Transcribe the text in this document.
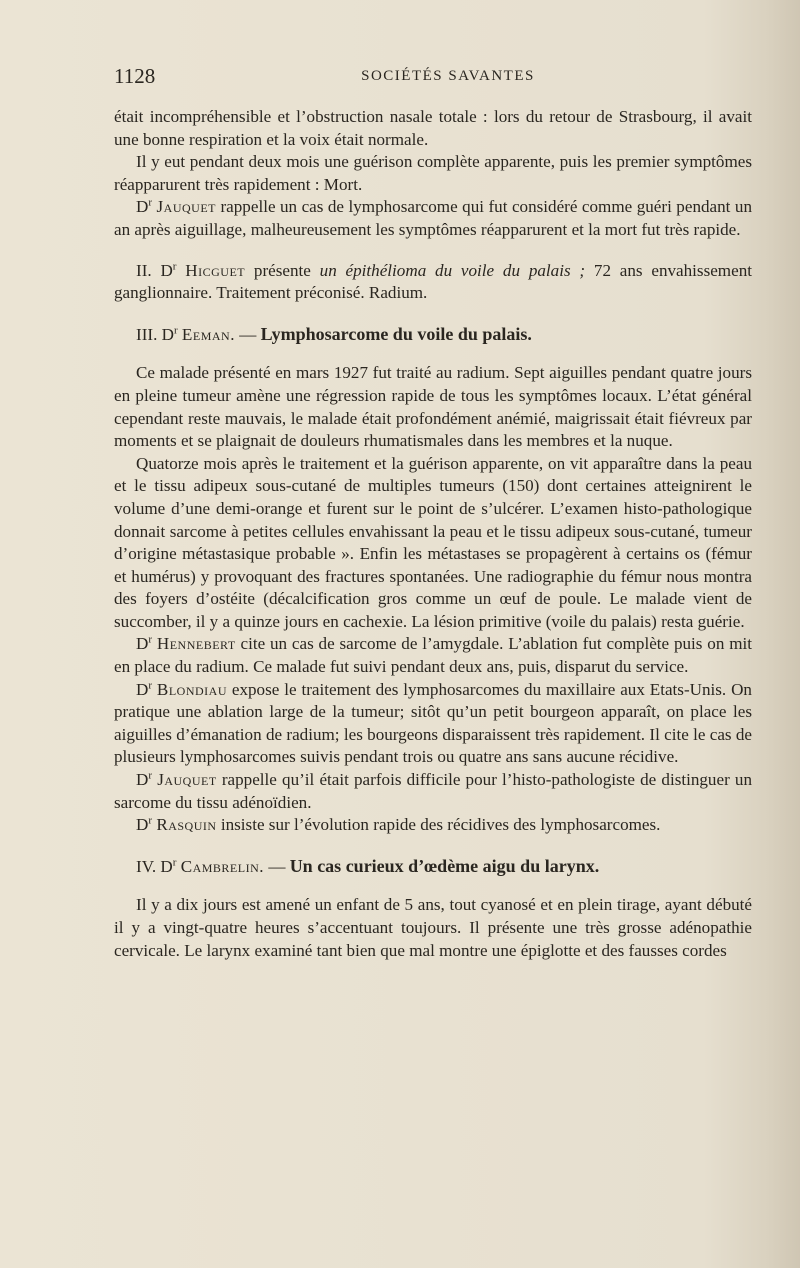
1128	SOCIÉTÉS SAVANTES

était incompréhensible et l’obstruction nasale totale : lors du retour de Strasbourg, il avait une bonne respiration et la voix était normale.

Il y eut pendant deux mois une guérison complète apparente, puis les premier symptômes réapparurent très rapidement : Mort.

$D^r$ Jauquet rappelle un cas de lymphosarcome qui fut considéré comme guéri pendant un an après aiguillage, malheureusement les symptômes réapparurent et la mort fut très rapide.

II. $D^r$ Hicguet présente un épithélioma du voile du palais ; 72 ans envahissement ganglionnaire. Traitement préconisé. Radium.

III. $D^r$ Eeman. — Lymphosarcome du voile du palais.

Ce malade présenté en mars 1927 fut traité au radium. Sept aiguilles pendant quatre jours en pleine tumeur amène une régression rapide de tous les symptômes locaux. L’état général cependant reste mauvais, le malade était profondément anémié, maigrissait était fiévreux par moments et se plaignait de douleurs rhumatismales dans les membres et la nuque.

Quatorze mois après le traitement et la guérison apparente, on vit apparaître dans la peau et le tissu adipeux sous-cutané de multiples tumeurs (150) dont certaines atteignirent le volume d’une demi-orange et furent sur le point de s’ulcérer. L’examen histo-pathologique donnait sarcome à petites cellules envahissant la peau et le tissu adipeux sous-cutané, tumeur d’origine métastasique probable ». Enfin les métastases se propagèrent à certains os (fémur et humérus) y provoquant des fractures spontanées. Une radiographie du fémur nous montra des foyers d’ostéite (décalcification gros comme un œuf de poule. Le malade vient de succomber, il y a quinze jours en cachexie. La lésion primitive (voile du palais) resta guérie.

$D^r$ Hennebert cite un cas de sarcome de l’amygdale. L’ablation fut complète puis on mit en place du radium. Ce malade fut suivi pendant deux ans, puis, disparut du service.

$D^r$ Blondiau expose le traitement des lymphosarcomes du maxillaire aux Etats-Unis. On pratique une ablation large de la tumeur; sitôt qu’un petit bourgeon apparaît, on place les aiguilles d’émanation de radium; les bourgeons disparaissent très rapidement. Il cite le cas de plusieurs lymphosarcomes suivis pendant trois ou quatre ans sans aucune récidive.

$D^r$ Jauquet rappelle qu’il était parfois difficile pour l’histo-pathologiste de distinguer un sarcome du tissu adénoïdien.

$D^r$ Rasquin insiste sur l’évolution rapide des récidives des lymphosarcomes.

IV. $D^r$ Cambrelin. — Un cas curieux d’œdème aigu du larynx.

Il y a dix jours est amené un enfant de 5 ans, tout cyanosé et en plein tirage, ayant débuté il y a vingt-quatre heures s’accentuant toujours. Il présente une très grosse adénopathie cervicale. Le larynx examiné tant bien que mal montre une épiglotte et des fausses cordes
